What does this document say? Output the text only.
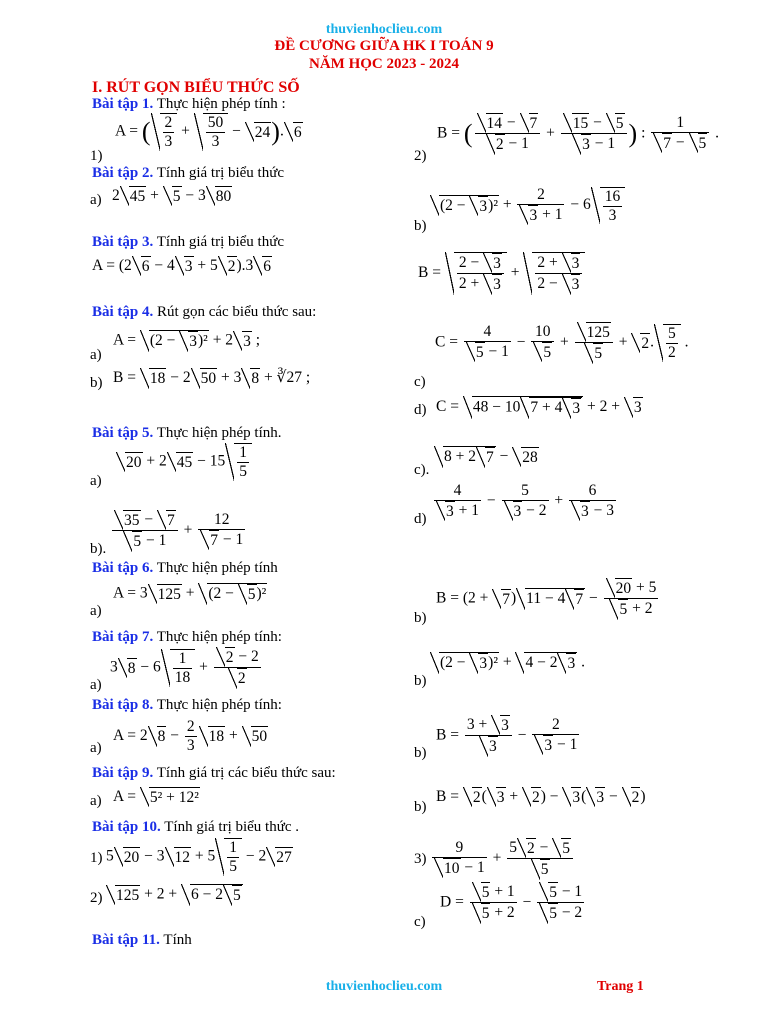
thuvienhoclieu.com
ĐỀ CƯƠNG GIỮA HK I TOÁN 9
NĂM HỌC 2023 - 2024
I. RÚT GỌN BIỂU THỨC SỐ
Bài tập 1. Thực hiện phép tính :
1)
A = ( $\frac{2}{3} + \frac{50}{3} - 24$). 6
2)
B = ( $\frac{14 - 7}{2 - 1} + \frac{15 - 5}{3 - 1}$ ) : $\frac{1}{7 - 5}$ .
Bài tập 2. Tính giá trị biểu thức
a) 2 45 + 5 − 3 80
b)
$(2 - 3)^2 + \frac{2}{3 + 1} - 6 \frac{16}{3}$
Bài tập 3. Tính giá trị biểu thức
A = (2 6 − 4 3 + 5 2).3 6	$B = \frac{2 - 3}{2 + 3} + \frac{2 + 3}{2 - 3}$
Bài tập 4. Rút gọn các biểu thức sau:
a)
A = (2 − 3)² + 2 3 ;
b) B = 18 − 2 50 + 3 8 + ∛27 ;
$C = \frac{4}{5 - 1} - \frac{10}{5} + \frac{125}{5} + 2$. $\frac{5}{2}$ .
c)
d) C = 48 − 10 7 + 4 3 + 2 + 3
Bài tập 5. Thực hiện phép tính.
a)
20 + 2 $45 - 15 \frac{1}{5}$
b). $\frac{35 - 7}{5 - 1} + \frac{12}{7 - 1}$
c).
8 + 2 7 − 28
$d) \frac{4}{3 + 1} - \frac{5}{3 - 2} + \frac{6}{3 - 3}$
Bài tập 6. Thực hiện phép tính
a)
A = 3 125 + (2 − 5)²
b)
B = (2 + 7) 11 − 4 $7 - \frac{20 + 5}{5 + 2}$
Bài tập 7. Thực hiện phép tính:
a)
3 $8 - 6 \frac{1}{18} + \frac{2 - 2}{2}$	b)
(2 − 3)² + 4 − 2 3 .
Bài tập 8. Thực hiện phép tính:
a)
A = 2 $8 - \frac{2}{3} 18 + 50$
b)
$B = \frac{3 + 3}{3} - \frac{2}{3 - 1}$
Bài tập 9. Tính giá trị các biểu thức sau:
a) A = 5² + 12²
b)
B = 2( 3 + 2) − 3( 3 − 2)
Bài tập 10. Tính giá trị biểu thức .
1) 5 20 − 3 $12 + 5 \frac{1}{5} - 2$ 27
2) 125 + 2 + 6 − 2 5
$3) \frac{9}{10 - 1} + \frac{5 2 - 5}{5}$
c)
$D = \frac{5 + 1}{5 + 2} - \frac{5 - 1}{5 - 2}$
Bài tập 11. Tính
thuvienhoclieu.com	Trang 1
